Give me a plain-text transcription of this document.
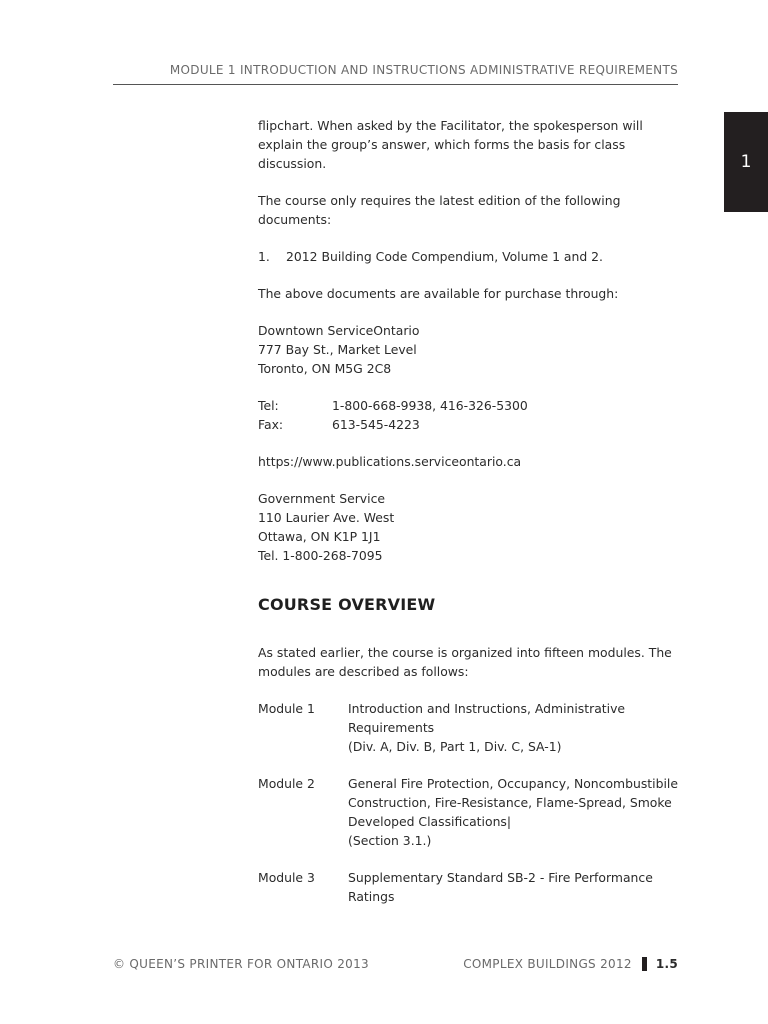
MODULE 1 INTRODUCTION AND INSTRUCTIONS ADMINISTRATIVE REQUIREMENTS
1

flipchart. When asked by the Facilitator, the spokesperson will explain the group’s answer, which forms the basis for class discussion.

The course only requires the latest edition of the following documents:

1.	2012 Building Code Compendium, Volume 1 and 2.

The above documents are available for purchase through:

Downtown ServiceOntario
777 Bay St., Market Level
Toronto, ON M5G 2C8
Tel:	1-800-668-9938, 416-326-5300
Fax:	613-545-4223

https://www.publications.serviceontario.ca

Government Service
110 Laurier Ave. West
Ottawa, ON K1P 1J1
Tel. 1-800-268-7095
COURSE OVERVIEW

As stated earlier, the course is organized into fifteen modules. The modules are described as follows:

Module 1	Introduction and Instructions, Administrative Requirements
(Div. A, Div. B, Part 1, Div. C, SA-1)
Module 2	General Fire Protection, Occupancy, Noncombustibile Construction, Fire-Resistance, Flame-Spread, Smoke Developed Classifications|
(Section 3.1.)
Module 3	Supplementary Standard SB-2 - Fire Performance Ratings
© QUEEN’S PRINTER FOR ONTARIO 2013	COMPLEX BUILDINGS 2012 1.5
